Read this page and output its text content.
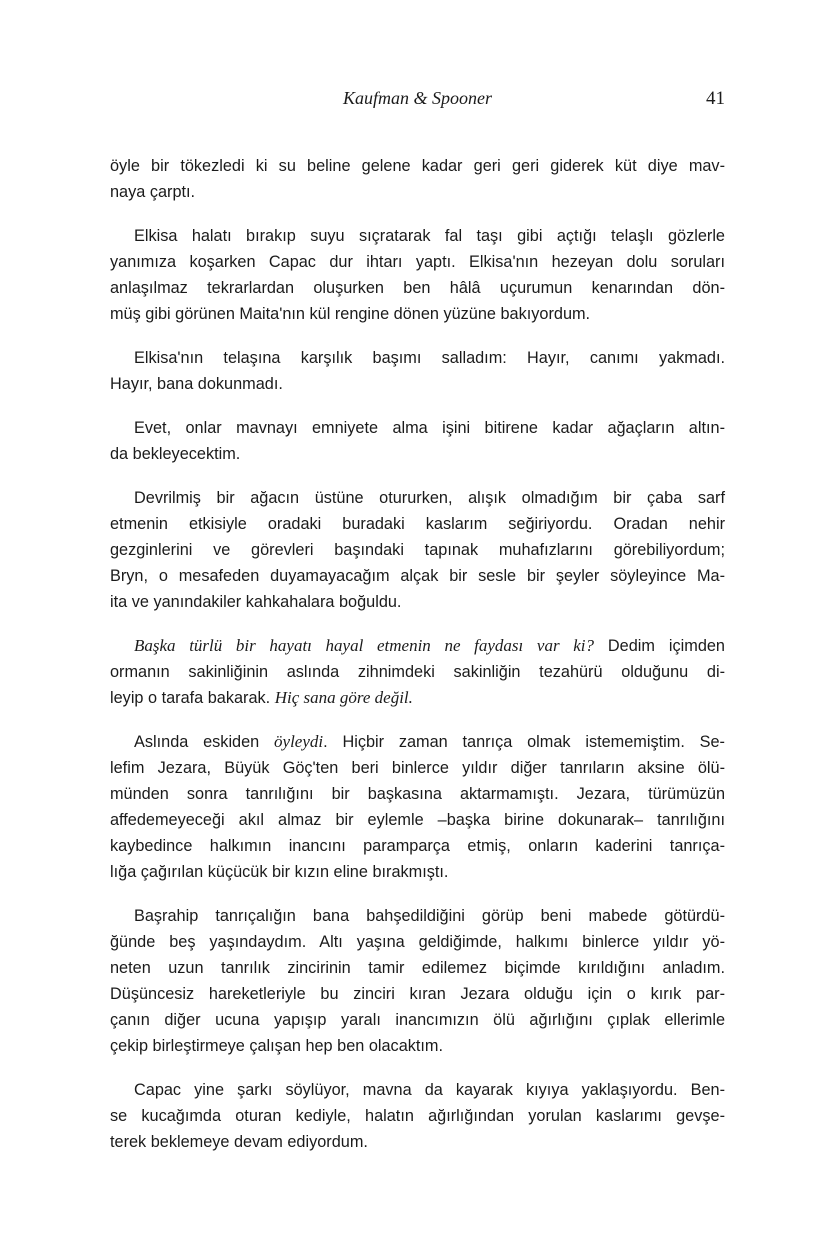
Kaufman & Spooner	41
öyle bir tökezledi ki su beline gelene kadar geri geri giderek küt diye mav-
naya çarptı.
Elkisa halatı bırakıp suyu sıçratarak fal taşı gibi açtığı telaşlı gözlerle
yanımıza koşarken Capac dur ihtarı yaptı. Elkisa'nın hezeyan dolu soruları
anlaşılmaz tekrarlardan oluşurken ben hâlâ uçurumun kenarından dön-
müş gibi görünen Maita'nın kül rengine dönen yüzüne bakıyordum.
Elkisa'nın telaşına karşılık başımı salladım: Hayır, canımı yakmadı.
Hayır, bana dokunmadı.
Evet, onlar mavnayı emniyete alma işini bitirene kadar ağaçların altın-
da bekleyecektim.
Devrilmiş bir ağacın üstüne otururken, alışık olmadığım bir çaba sarf
etmenin etkisiyle oradaki buradaki kaslarım seğiriyordu. Oradan nehir
gezginlerini ve görevleri başındaki tapınak muhafızlarını görebiliyordum;
Bryn, o mesafeden duyamayacağım alçak bir sesle bir şeyler söyleyince Ma-
ita ve yanındakiler kahkahalara boğuldu.
Başka türlü bir hayatı hayal etmenin ne faydası var ki? Dedim içimden
ormanın sakinliğinin aslında zihnimdeki sakinliğin tezahürü olduğunu di-
leyip o tarafa bakarak. Hiç sana göre değil.
Aslında eskiden öyleydi. Hiçbir zaman tanrıça olmak istememiştim. Se-
lefim Jezara, Büyük Göç'ten beri binlerce yıldır diğer tanrıların aksine ölü-
münden sonra tanrılığını bir başkasına aktarmamıştı. Jezara, türümüzün
affedemeyeceği akıl almaz bir eylemle –başka birine dokunarak– tanrılığını
kaybedince halkımın inancını paramparça etmiş, onların kaderini tanrıça-
lığa çağırılan küçücük bir kızın eline bırakmıştı.
Başrahip tanrıçalığın bana bahşedildiğini görüp beni mabede götürdü-
ğünde beş yaşındaydım. Altı yaşına geldiğimde, halkımı binlerce yıldır yö-
neten uzun tanrılık zincirinin tamir edilemez biçimde kırıldığını anladım.
Düşüncesiz hareketleriyle bu zinciri kıran Jezara olduğu için o kırık par-
çanın diğer ucuna yapışıp yaralı inancımızın ölü ağırlığını çıplak ellerimle
çekip birleştirmeye çalışan hep ben olacaktım.
Capac yine şarkı söylüyor, mavna da kayarak kıyıya yaklaşıyordu. Ben-
se kucağımda oturan kediyle, halatın ağırlığından yorulan kaslarımı gevşe-
terek beklemeye devam ediyordum.
